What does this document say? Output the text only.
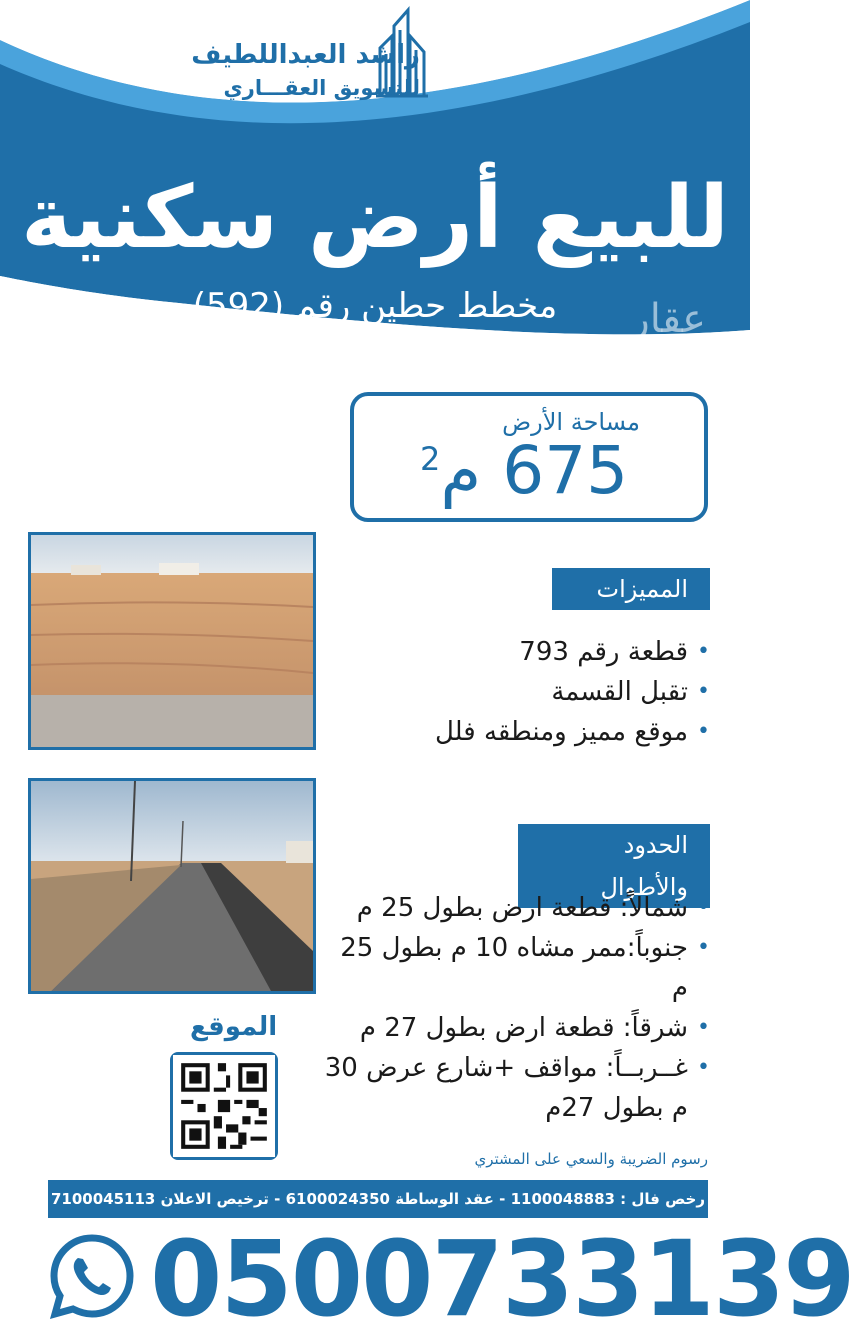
راشد العبداللطيف
للتسويق العقـــاري
للبيع أرض سكنية
مخطط حطين رقم (592)	عقار
مساحة الأرض
675 م$^2$
المميزات
• قطعة رقم 793
• تقبل القسمة
• موقع مميز ومنطقه فلل
الحدود والأطوال
• شمالاً: قطعة ارض بطول 25 م
• جنوباً:ممر مشاه 10 م بطول 25 م
• شرقاً: قطعة ارض بطول 27 م
• غــربــاً: مواقف +شارع عرض 30 م بطول 27م
الموقع
رسوم الضريبة والسعي على المشتري
رخص فال : 1100048883 - عقد الوساطة 6100024350 - ترخيص الاعلان 7100045113
0500733139
